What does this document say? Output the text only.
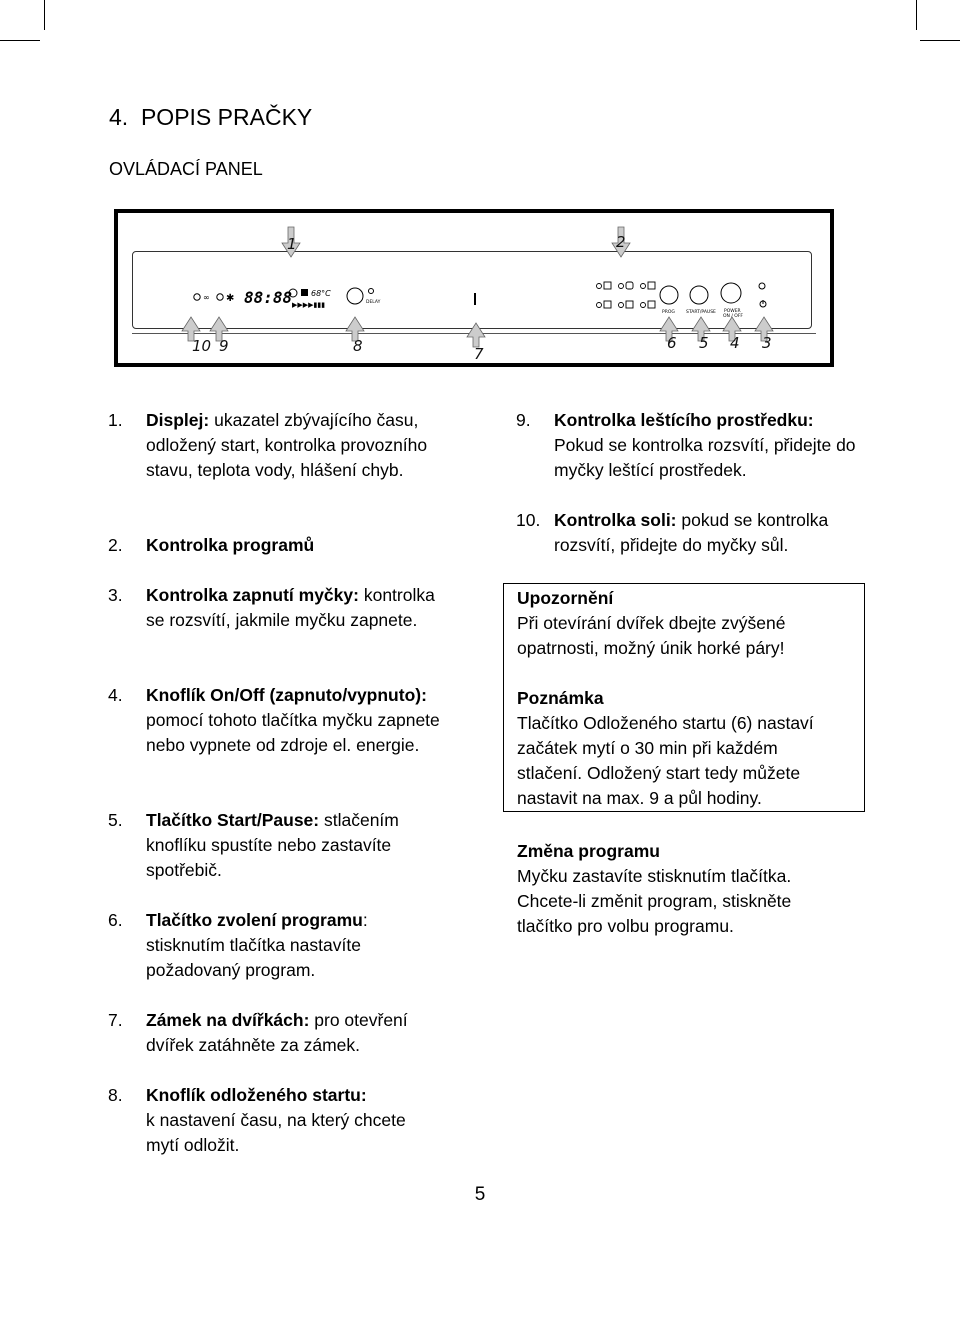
4. POPIS PRAČKY
OVLÁDACÍ PANEL
1	2
10 9	8	7
6 5 4 3
∞ ✱ 88:88 68°C
▶▶▶▶▮▮▮	DELAY
PROG START/PAUSE POWER
ON / OFF
1. Displej: ukazatel zbývajícího času, odložený start, kontrolka provozního stavu, teplota vody, hlášení chyb.
2. Kontrolka programů
3. Kontrolka zapnutí myčky: kontrolka se rozsvítí, jakmile myčku zapnete.
4. Knoflík On/Off (zapnuto/vypnuto): pomocí tohoto tlačítka myčku zapnete nebo vypnete od zdroje el. energie.
5. Tlačítko Start/Pause: stlačením knoflíku spustíte nebo zastavíte spotřebič.
6. Tlačítko zvolení programu: stisknutím tlačítka nastavíte požadovaný program.
7. Zámek na dvířkách: pro otevření dvířek zatáhněte za zámek.
8. Knoflík odloženého startu:
k nastavení času, na který chcete mytí odložit.
9. Kontrolka leštícího prostředku: Pokud se kontrolka rozsvítí, přidejte do myčky leštící prostředek.
10. Kontrolka soli: pokud se kontrolka rozsvítí, přidejte do myčky sůl.
Upozornění
Při otevírání dvířek dbejte zvýšené opatrnosti, možný únik horké páry!
Poznámka
Tlačítko Odloženého startu (6) nastaví začátek mytí o 30 min při každém stlačení. Odložený start tedy můžete nastavit na max. 9 a půl hodiny.
Změna programu
Myčku zastavíte stisknutím tlačítka. Chcete-li změnit program, stiskněte tlačítko pro volbu programu.
5
